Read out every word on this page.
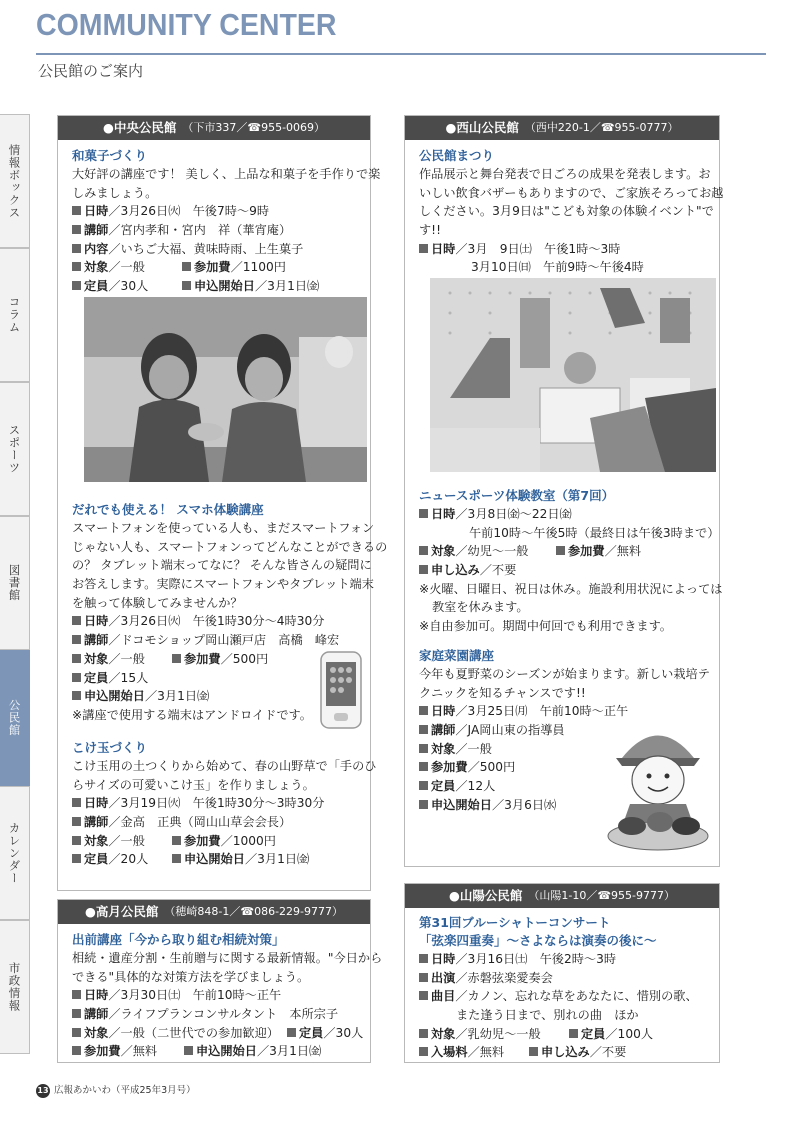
COMMUNITY CENTER
公民館のご案内
情報ボックス
コラム
スポーツ
図書館
公民館
カレンダー
市政情報
●中央公民館 （下市337／☎955-0069）
和菓子づくり
大好評の講座です！ 美しく、上品な和菓子を手作りで楽
しみましょう。
日時／3月26日㈫　午後7時～9時
講師／宮内孝和・宮内　祥（華宵庵）
内容／いちご大福、黄味時雨、上生菓子
対象／一般	参加費／1100円
定員／30人	申込開始日／3月1日㈮
だれでも使える！ スマホ体験講座
スマートフォンを使っている人も、まだスマートフォン
じゃない人も、スマートフォンってどんなことができるの
の？ タブレット端末ってなに？ そんな皆さんの疑問に
お答えします。実際にスマートフォンやタブレット端末
を触って体験してみませんか？
日時／3月26日㈫　午後1時30分～4時30分
講師／ドコモショップ岡山瀬戸店　高橋　峰宏
対象／一般	参加費／500円
定員／15人
申込開始日／3月1日㈮
※講座で使用する端末はアンドロイドです。
こけ玉づくり
こけ玉用の土つくりから始めて、春の山野草で「手のひ
らサイズの可愛いこけ玉」を作りましょう。
日時／3月19日㈫　午後1時30分～3時30分
講師／金高　正典（岡山山草会会長）
対象／一般	参加費／1000円
定員／20人	申込開始日／3月1日㈮
●高月公民館 （穂崎848-1／☎086-229-9777）
出前講座「今から取り組む相続対策」
相続・遺産分割・生前贈与に関する最新情報。"今日から
できる"具体的な対策方法を学びましょう。
日時／3月30日㈯　午前10時～正午
講師／ライフプランコンサルタント　本所宗子
対象／一般（二世代での参加歓迎） 定員／30人
参加費／無料	申込開始日／3月1日㈮
●西山公民館 （西中220-1／☎955-0777）
公民館まつり
作品展示と舞台発表で日ごろの成果を発表します。お
いしい飲食バザーもありますので、ご家族そろってお越
しください。3月9日は"こども対象の体験イベント"で
す!!
日時／3月　9日㈯　午後1時～3時
3月10日㈰　午前9時～午後4時
ニュースポーツ体験教室（第7回）
日時／3月8日㈮～22日㈮
午前10時～午後5時（最終日は午後3時まで）
対象／幼児～一般	参加費／無料
申し込み／不要
※火曜、日曜日、祝日は休み。施設利用状況によっては
教室を休みます。
※自由参加可。期間中何回でも利用できます。
家庭菜園講座
今年も夏野菜のシーズンが始まります。新しい栽培テ
クニックを知るチャンスです!!
日時／3月25日㈪　午前10時～正午
講師／JA岡山東の指導員
対象／一般
参加費／500円
定員／12人
申込開始日／3月6日㈬
●山陽公民館 （山陽1-10／☎955-9777）
第31回ブルーシャトーコンサート
「弦楽四重奏」～さよならは演奏の後に～
日時／3月16日㈯　午後2時～3時
出演／赤磐弦楽愛奏会
曲目／カノン、忘れな草をあなたに、惜別の歌、
また逢う日まで、別れの曲　ほか
対象／乳幼児～一般	定員／100人
入場料／無料	申し込み／不要
13 広報あかいわ（平成25年3月号）
